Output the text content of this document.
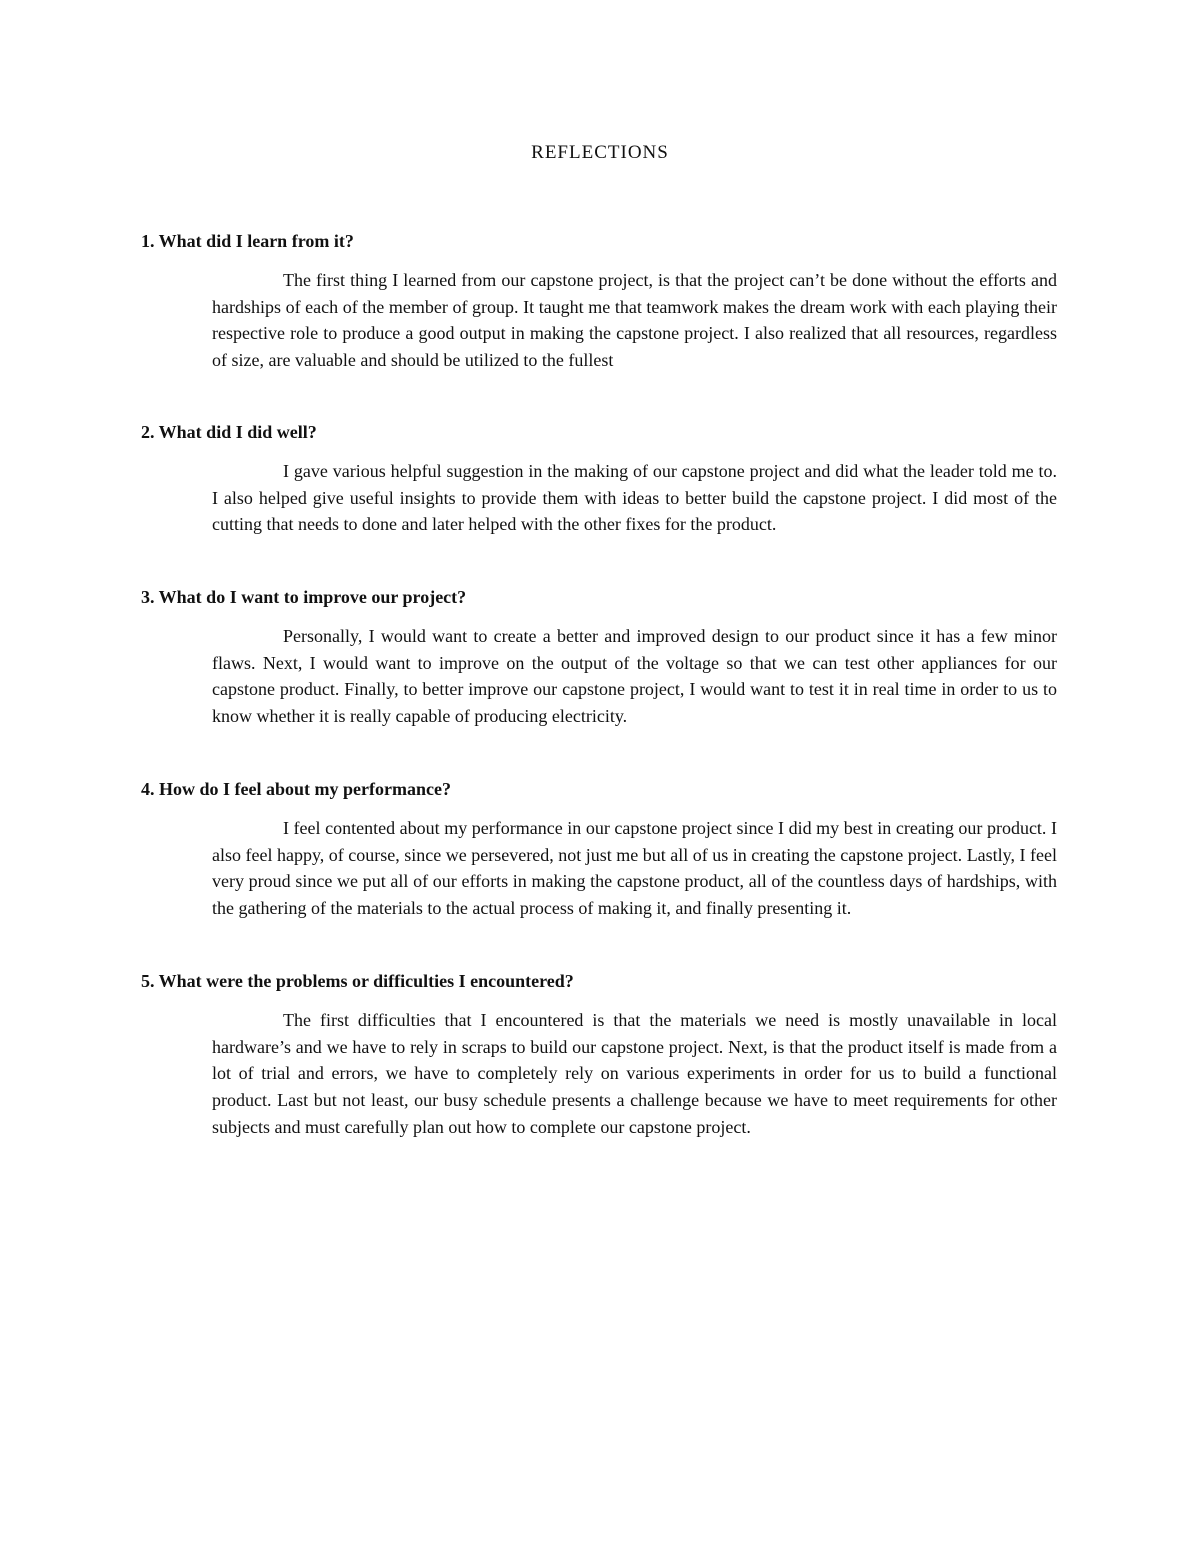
REFLECTIONS

1. What did I learn from it?

The first thing I learned from our capstone project, is that the project can’t be done without the efforts and hardships of each of the member of group. It taught me that teamwork makes the dream work with each playing their respective role to produce a good output in making the capstone project. I also realized that all resources, regardless of size, are valuable and should be utilized to the fullest

2. What did I did well?

I gave various helpful suggestion in the making of our capstone project and did what the leader told me to. I also helped give useful insights to provide them with ideas to better build the capstone project. I did most of the cutting that needs to done and later helped with the other fixes for the product.

3. What do I want to improve our project?

Personally, I would want to create a better and improved design to our product since it has a few minor flaws. Next, I would want to improve on the output of the voltage so that we can test other appliances for our capstone product. Finally, to better improve our capstone project, I would want to test it in real time in order to us to know whether it is really capable of producing electricity.

4. How do I feel about my performance?

I feel contented about my performance in our capstone project since I did my best in creating our product. I also feel happy, of course, since we persevered, not just me but all of us in creating the capstone project. Lastly, I feel very proud since we put all of our efforts in making the capstone product, all of the countless days of hardships, with the gathering of the materials to the actual process of making it, and finally presenting it.

5. What were the problems or difficulties I encountered?

The first difficulties that I encountered is that the materials we need is mostly unavailable in local hardware’s and we have to rely in scraps to build our capstone project. Next, is that the product itself is made from a lot of trial and errors, we have to completely rely on various experiments in order for us to build a functional product. Last but not least, our busy schedule presents a challenge because we have to meet requirements for other subjects and must carefully plan out how to complete our capstone project.
